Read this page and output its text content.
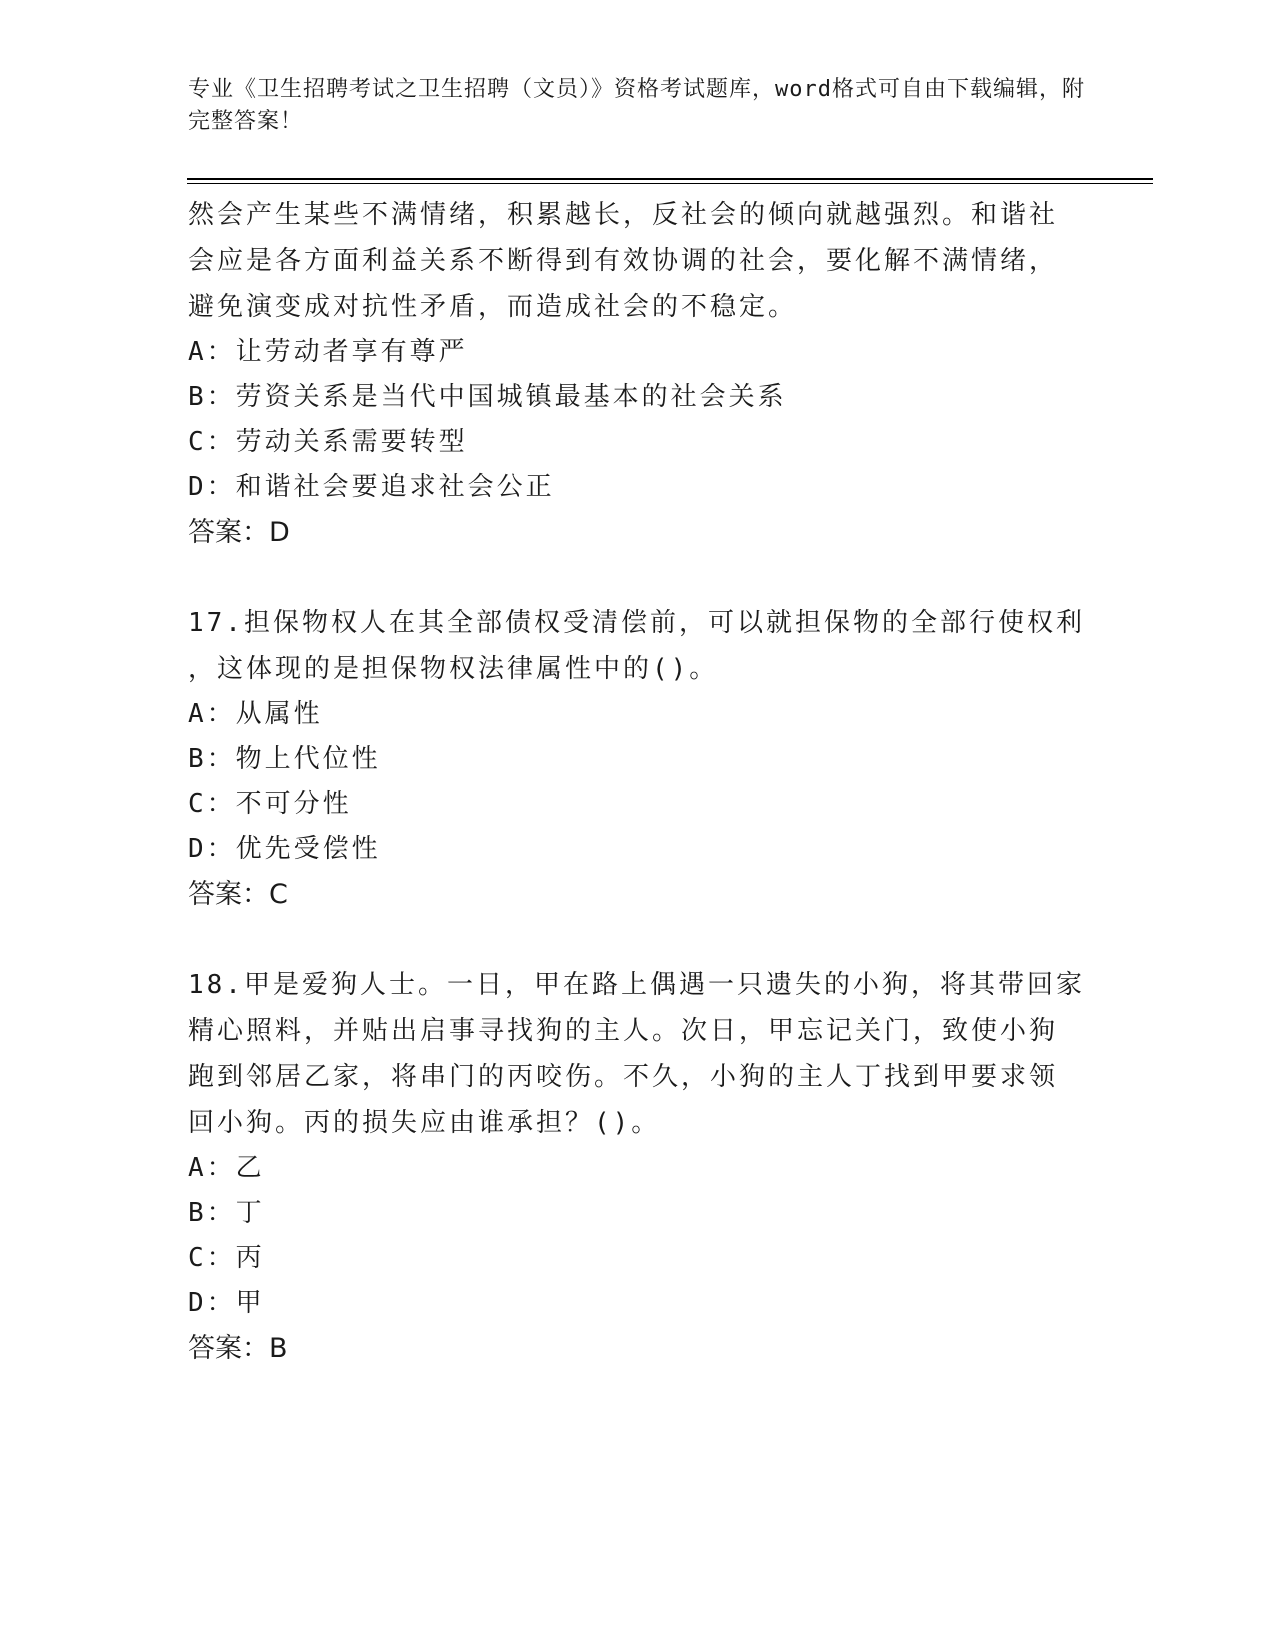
专业《卫生招聘考试之卫生招聘（文员）》资格考试题库，word格式可自由下载编辑，附完整答案！

然会产生某些不满情绪，积累越长，反社会的倾向就越强烈。和谐社

会应是各方面利益关系不断得到有效协调的社会，要化解不满情绪，

避免演变成对抗性矛盾，而造成社会的不稳定。

A：让劳动者享有尊严

B：劳资关系是当代中国城镇最基本的社会关系

C：劳动关系需要转型

D：和谐社会要追求社会公正

答案：D

17.担保物权人在其全部债权受清偿前，可以就担保物的全部行使权利

，这体现的是担保物权法律属性中的()。

A：从属性

B：物上代位性

C：不可分性

D：优先受偿性

答案：C

18.甲是爱狗人士。一日，甲在路上偶遇一只遗失的小狗，将其带回家

精心照料，并贴出启事寻找狗的主人。次日，甲忘记关门，致使小狗

跑到邻居乙家，将串门的丙咬伤。不久，小狗的主人丁找到甲要求领

回小狗。丙的损失应由谁承担？()。

A：乙

B：丁

C：丙

D：甲

答案：B
